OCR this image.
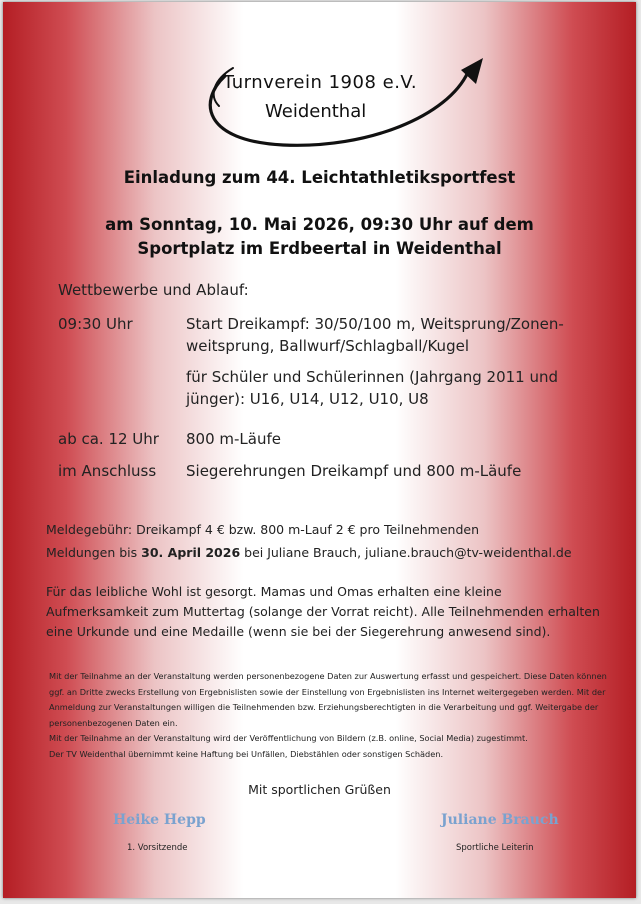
Turnverein 1908 e.V.
Weidenthal
Einladung zum 44. Leichtathletiksportfest
am Sonntag, 10. Mai 2026, 09:30 Uhr auf dem
Sportplatz im Erdbeertal in Weidenthal
Wettbewerbe und Ablauf:
09:30 Uhr	Start Dreikampf: 30/50/100 m, Weitsprung/Zonen-weitsprung, Ballwurf/Schlagball/Kugel
für Schüler und Schülerinnen (Jahrgang 2011 und jünger): U16, U14, U12, U10, U8
ab ca. 12 Uhr 800 m-Läufe
im Anschluss Siegerehrungen Dreikampf und 800 m-Läufe
Meldegebühr: Dreikampf 4 € bzw. 800 m-Lauf 2 € pro Teilnehmenden
Meldungen bis 30. April 2026 bei Juliane Brauch, juliane.brauch@tv-weidenthal.de
Für das leibliche Wohl ist gesorgt. Mamas und Omas erhalten eine kleine Aufmerksamkeit zum Muttertag (solange der Vorrat reicht). Alle Teilnehmenden erhalten eine Urkunde und eine Medaille (wenn sie bei der Siegerehrung anwesend sind).
Mit der Teilnahme an der Veranstaltung werden personenbezogene Daten zur Auswertung erfasst und gespeichert. Diese Daten können ggf. an Dritte zwecks Erstellung von Ergebnislisten sowie der Einstellung von Ergebnislisten ins Internet weitergegeben werden. Mit der Anmeldung zur Veranstaltungen willigen die Teilnehmenden bzw. Erziehungsberechtigten in die Verarbeitung und ggf. Weitergabe der personenbezogenen Daten ein.
Mit der Teilnahme an der Veranstaltung wird der Veröffentlichung von Bildern (z.B. online, Social Media) zugestimmt.
Der TV Weidenthal übernimmt keine Haftung bei Unfällen, Diebstählen oder sonstigen Schäden.
Mit sportlichen Grüßen
Heike Hepp
1. Vorsitzende
Juliane Brauch
Sportliche Leiterin
